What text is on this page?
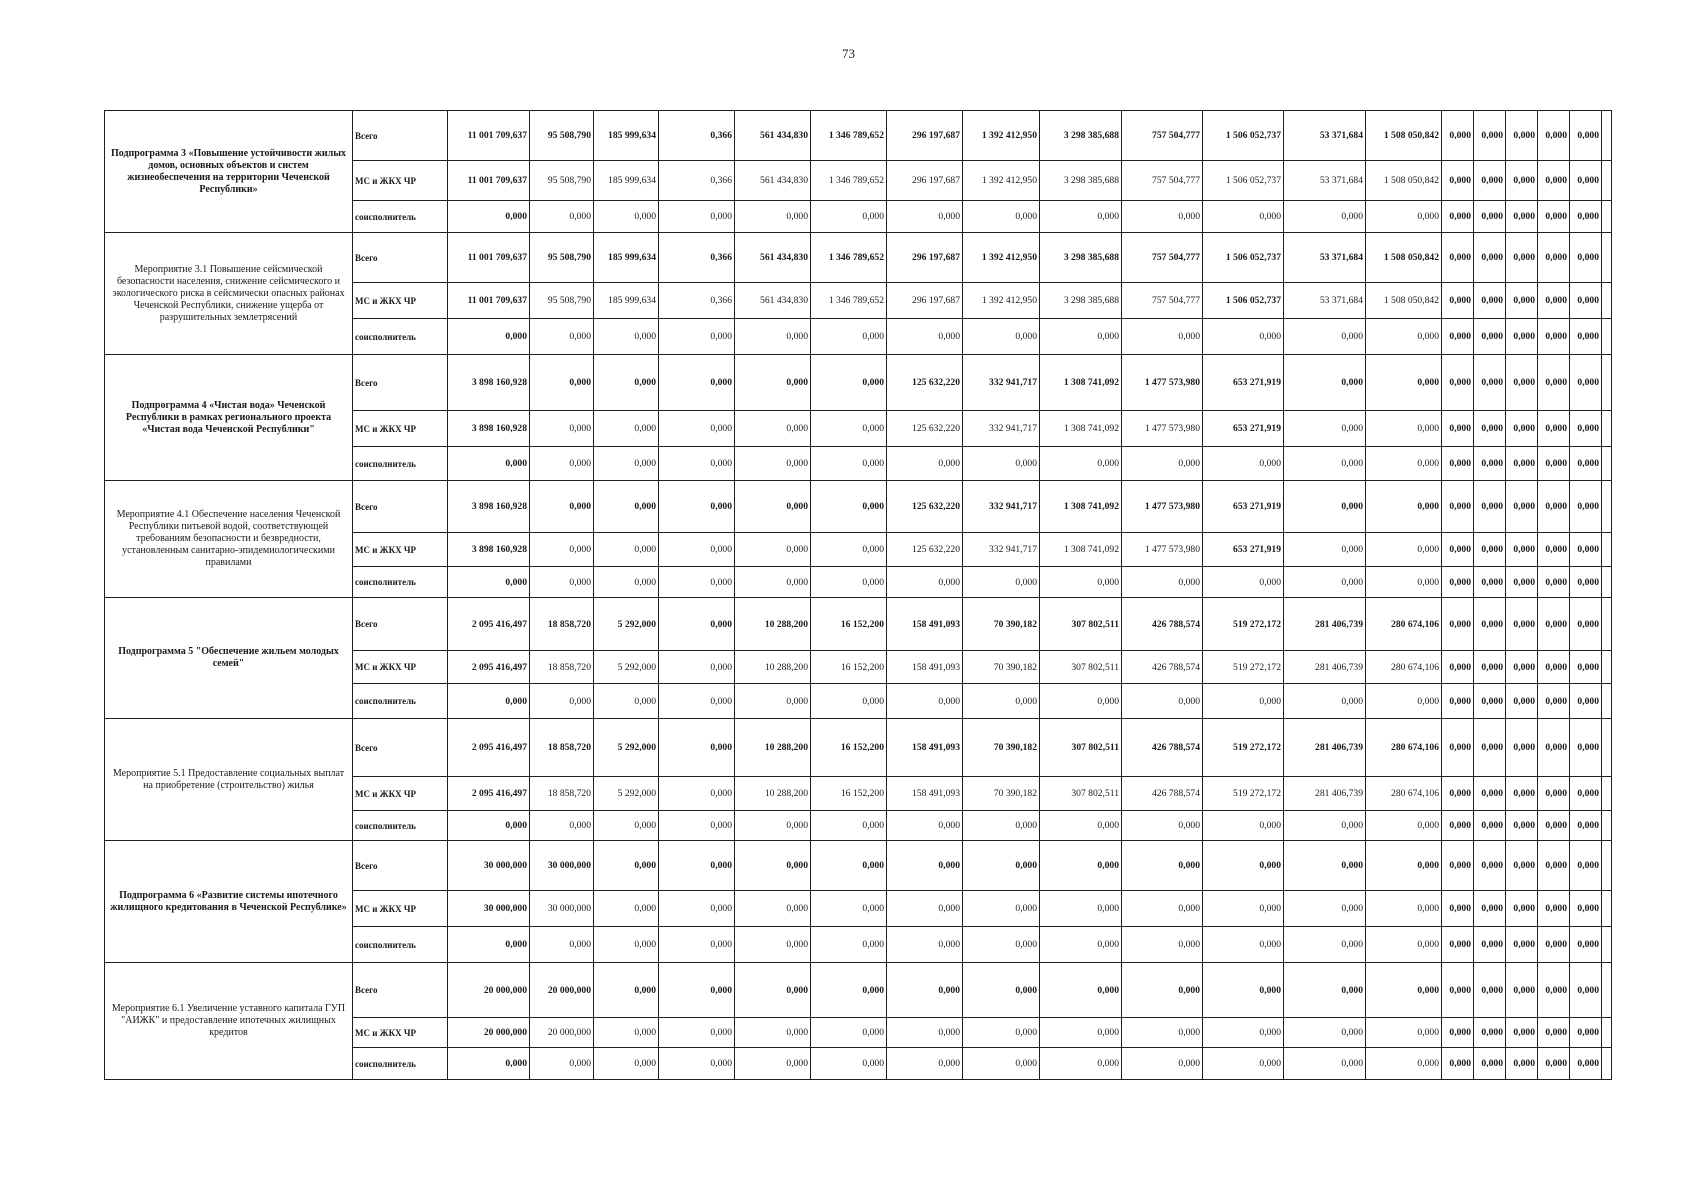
73
Подпрограмма 3 «Повышение устойчивости жилых домов, основных объектов и систем жизнеобеспечения на территории Чеченской Республики»	Всего	11 001 709,637	95 508,790	185 999,634	0,366	561 434,830	1 346 789,652	296 197,687	1 392 412,950	3 298 385,688	757 504,777	1 506 052,737	53 371,684	1 508 050,842	0,000	0,000	0,000	0,000	0,000	
	МС и ЖКХ ЧР	11 001 709,637	95 508,790	185 999,634	0,366	561 434,830	1 346 789,652	296 197,687	1 392 412,950	3 298 385,688	757 504,777	1 506 052,737	53 371,684	1 508 050,842	0,000	0,000	0,000	0,000	0,000	
	соисполнитель	0,000	0,000	0,000	0,000	0,000	0,000	0,000	0,000	0,000	0,000	0,000	0,000	0,000	0,000	0,000	0,000	0,000	0,000	
Мероприятие 3.1 Повышение сейсмической безопасности населения, снижение сейсмического и экологического риска в сейсмически опасных районах Чеченской Республики, снижение ущерба от разрушительных землетрясений	Всего	11 001 709,637	95 508,790	185 999,634	0,366	561 434,830	1 346 789,652	296 197,687	1 392 412,950	3 298 385,688	757 504,777	1 506 052,737	53 371,684	1 508 050,842	0,000	0,000	0,000	0,000	0,000	
	МС и ЖКХ ЧР	11 001 709,637	95 508,790	185 999,634	0,366	561 434,830	1 346 789,652	296 197,687	1 392 412,950	3 298 385,688	757 504,777	1 506 052,737	53 371,684	1 508 050,842	0,000	0,000	0,000	0,000	0,000	
	соисполнитель	0,000	0,000	0,000	0,000	0,000	0,000	0,000	0,000	0,000	0,000	0,000	0,000	0,000	0,000	0,000	0,000	0,000	0,000	
Подпрограмма 4 «Чистая вода» Чеченской Республики в рамках регионального проекта «Чистая вода Чеченской Республики"	Всего	3 898 160,928	0,000	0,000	0,000	0,000	0,000	125 632,220	332 941,717	1 308 741,092	1 477 573,980	653 271,919	0,000	0,000	0,000	0,000	0,000	0,000	0,000	
	МС и ЖКХ ЧР	3 898 160,928	0,000	0,000	0,000	0,000	0,000	125 632,220	332 941,717	1 308 741,092	1 477 573,980	653 271,919	0,000	0,000	0,000	0,000	0,000	0,000	0,000	
	соисполнитель	0,000	0,000	0,000	0,000	0,000	0,000	0,000	0,000	0,000	0,000	0,000	0,000	0,000	0,000	0,000	0,000	0,000	0,000	
Мероприятие 4.1 Обеспечение населения Чеченской Республики питьевой водой, соответствующей требованиям безопасности и безвредности, установленным санитарно-эпидемиологическими правилами	Всего	3 898 160,928	0,000	0,000	0,000	0,000	0,000	125 632,220	332 941,717	1 308 741,092	1 477 573,980	653 271,919	0,000	0,000	0,000	0,000	0,000	0,000	0,000	
	МС и ЖКХ ЧР	3 898 160,928	0,000	0,000	0,000	0,000	0,000	125 632,220	332 941,717	1 308 741,092	1 477 573,980	653 271,919	0,000	0,000	0,000	0,000	0,000	0,000	0,000	
	соисполнитель	0,000	0,000	0,000	0,000	0,000	0,000	0,000	0,000	0,000	0,000	0,000	0,000	0,000	0,000	0,000	0,000	0,000	0,000	
Подпрограмма 5 "Обеспечение жильем молодых семей"	Всего	2 095 416,497	18 858,720	5 292,000	0,000	10 288,200	16 152,200	158 491,093	70 390,182	307 802,511	426 788,574	519 272,172	281 406,739	280 674,106	0,000	0,000	0,000	0,000	0,000	
	МС и ЖКХ ЧР	2 095 416,497	18 858,720	5 292,000	0,000	10 288,200	16 152,200	158 491,093	70 390,182	307 802,511	426 788,574	519 272,172	281 406,739	280 674,106	0,000	0,000	0,000	0,000	0,000	
	соисполнитель	0,000	0,000	0,000	0,000	0,000	0,000	0,000	0,000	0,000	0,000	0,000	0,000	0,000	0,000	0,000	0,000	0,000	0,000	
Мероприятие 5.1 Предоставление социальных выплат на приобретение (строительство) жилья	Всего	2 095 416,497	18 858,720	5 292,000	0,000	10 288,200	16 152,200	158 491,093	70 390,182	307 802,511	426 788,574	519 272,172	281 406,739	280 674,106	0,000	0,000	0,000	0,000	0,000	
	МС и ЖКХ ЧР	2 095 416,497	18 858,720	5 292,000	0,000	10 288,200	16 152,200	158 491,093	70 390,182	307 802,511	426 788,574	519 272,172	281 406,739	280 674,106	0,000	0,000	0,000	0,000	0,000	
	соисполнитель	0,000	0,000	0,000	0,000	0,000	0,000	0,000	0,000	0,000	0,000	0,000	0,000	0,000	0,000	0,000	0,000	0,000	0,000	
Подпрограмма 6 «Развитие системы ипотечного жилищного кредитования в Чеченской Республике»	Всего	30 000,000	30 000,000	0,000	0,000	0,000	0,000	0,000	0,000	0,000	0,000	0,000	0,000	0,000	0,000	0,000	0,000	0,000	0,000	
	МС и ЖКХ ЧР	30 000,000	30 000,000	0,000	0,000	0,000	0,000	0,000	0,000	0,000	0,000	0,000	0,000	0,000	0,000	0,000	0,000	0,000	0,000	
	соисполнитель	0,000	0,000	0,000	0,000	0,000	0,000	0,000	0,000	0,000	0,000	0,000	0,000	0,000	0,000	0,000	0,000	0,000	0,000	
Мероприятие 6.1 Увеличение уставного капитала ГУП "АИЖК" и предоставление ипотечных жилищных кредитов	Всего	20 000,000	20 000,000	0,000	0,000	0,000	0,000	0,000	0,000	0,000	0,000	0,000	0,000	0,000	0,000	0,000	0,000	0,000	0,000	
	МС и ЖКХ ЧР	20 000,000	20 000,000	0,000	0,000	0,000	0,000	0,000	0,000	0,000	0,000	0,000	0,000	0,000	0,000	0,000	0,000	0,000	0,000	
	соисполнитель	0,000	0,000	0,000	0,000	0,000	0,000	0,000	0,000	0,000	0,000	0,000	0,000	0,000	0,000	0,000	0,000	0,000	0,000	
